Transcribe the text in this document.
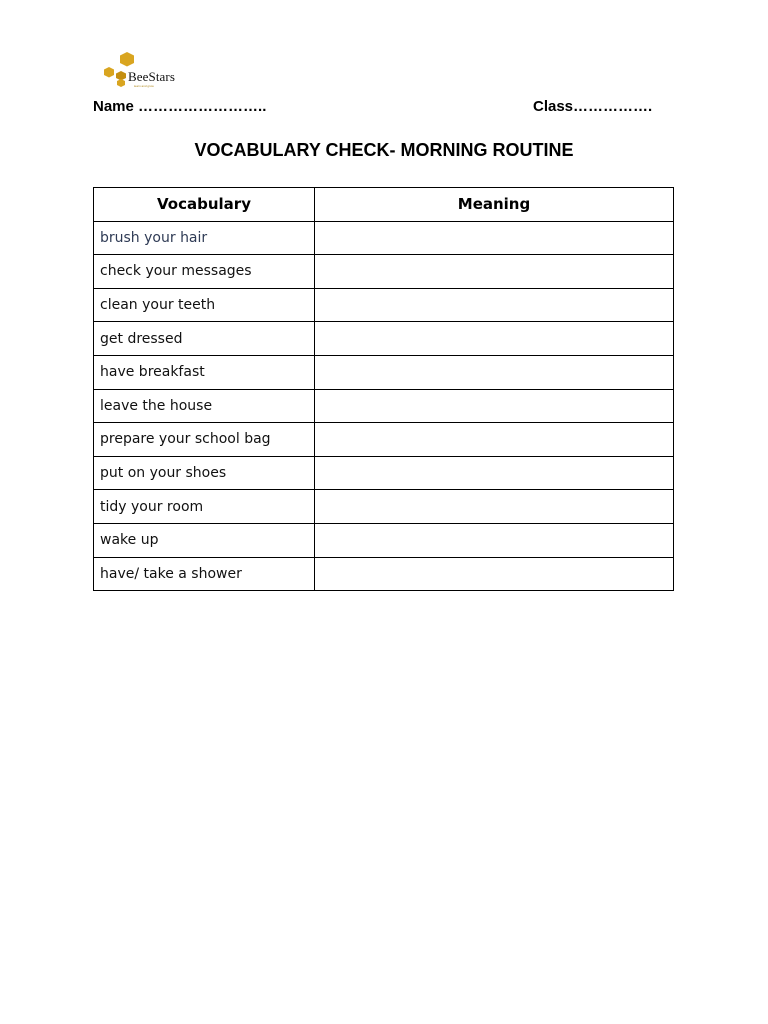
BeeStars
learn and grow
Name ……………………..	Class…………….
VOCABULARY CHECK- MORNING ROUTINE
Vocabulary	Meaning
brush your hair	
check your messages	
clean your teeth	
get dressed	
have breakfast	
leave the house	
prepare your school bag	
put on your shoes	
tidy your room	
wake up	
have/ take a shower	
